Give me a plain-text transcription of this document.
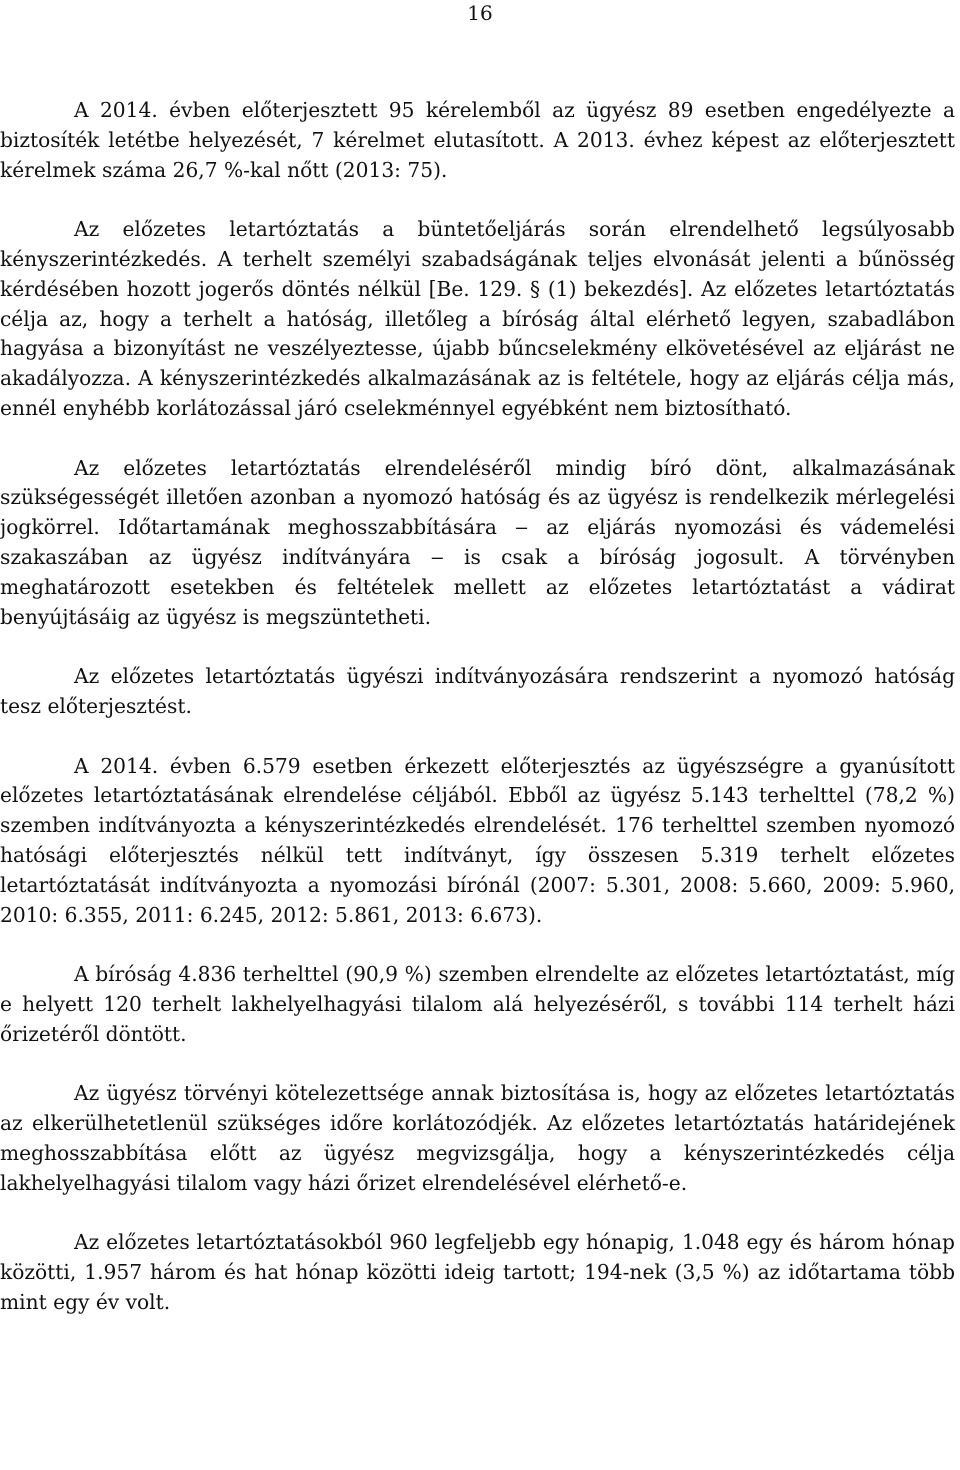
16

A 2014. évben előterjesztett 95 kérelemből az ügyész 89 esetben engedélyezte a biztosíték letétbe helyezését, 7 kérelmet elutasított. A 2013. évhez képest az előterjesztett kérelmek száma 26,7 %-kal nőtt (2013: 75).

Az előzetes letartóztatás a büntetőeljárás során elrendelhető legsúlyosabb kényszerintézkedés. A terhelt személyi szabadságának teljes elvonását jelenti a bűnösség kérdésében hozott jogerős döntés nélkül [Be. 129. § (1) bekezdés]. Az előzetes letartóztatás célja az, hogy a terhelt a hatóság, illetőleg a bíróság által elérhető legyen, szabadlábon hagyása a bizonyítást ne veszélyeztesse, újabb bűncselekmény elkövetésével az eljárást ne akadályozza. A kényszerintézkedés alkalmazásának az is feltétele, hogy az eljárás célja más, ennél enyhébb korlátozással járó cselekménnyel egyébként nem biztosítható.

Az előzetes letartóztatás elrendeléséről mindig bíró dönt, alkalmazásának szükségességét illetően azonban a nyomozó hatóság és az ügyész is rendelkezik mérlegelési jogkörrel. Időtartamának meghosszabbítására ‒ az eljárás nyomozási és vádemelési szakaszában az ügyész indítványára ‒ is csak a bíróság jogosult. A törvényben meghatározott esetekben és feltételek mellett az előzetes letartóztatást a vádirat benyújtásáig az ügyész is megszüntetheti.

Az előzetes letartóztatás ügyészi indítványozására rendszerint a nyomozó hatóság tesz előterjesztést.

A 2014. évben 6.579 esetben érkezett előterjesztés az ügyészségre a gyanúsított előzetes letartóztatásának elrendelése céljából. Ebből az ügyész 5.143 terhelttel (78,2 %) szemben indítványozta a kényszerintézkedés elrendelését. 176 terhelttel szemben nyomozó hatósági előterjesztés nélkül tett indítványt, így összesen 5.319 terhelt előzetes letartóztatását indítványozta a nyomozási bírónál (2007: 5.301, 2008: 5.660, 2009: 5.960, 2010: 6.355, 2011: 6.245, 2012: 5.861, 2013: 6.673).

A bíróság 4.836 terhelttel (90,9 %) szemben elrendelte az előzetes letartóztatást, míg e helyett 120 terhelt lakhelyelhagyási tilalom alá helyezéséről, s további 114 terhelt házi őrizetéről döntött.

Az ügyész törvényi kötelezettsége annak biztosítása is, hogy az előzetes letartóztatás az elkerülhetetlenül szükséges időre korlátozódjék. Az előzetes letartóztatás határidejének meghosszabbítása előtt az ügyész megvizsgálja, hogy a kényszerintézkedés célja lakhelyelhagyási tilalom vagy házi őrizet elrendelésével elérhető-e.

Az előzetes letartóztatásokból 960 legfeljebb egy hónapig, 1.048 egy és három hónap közötti, 1.957 három és hat hónap közötti ideig tartott; 194-nek (3,5 %) az időtartama több mint egy év volt.
